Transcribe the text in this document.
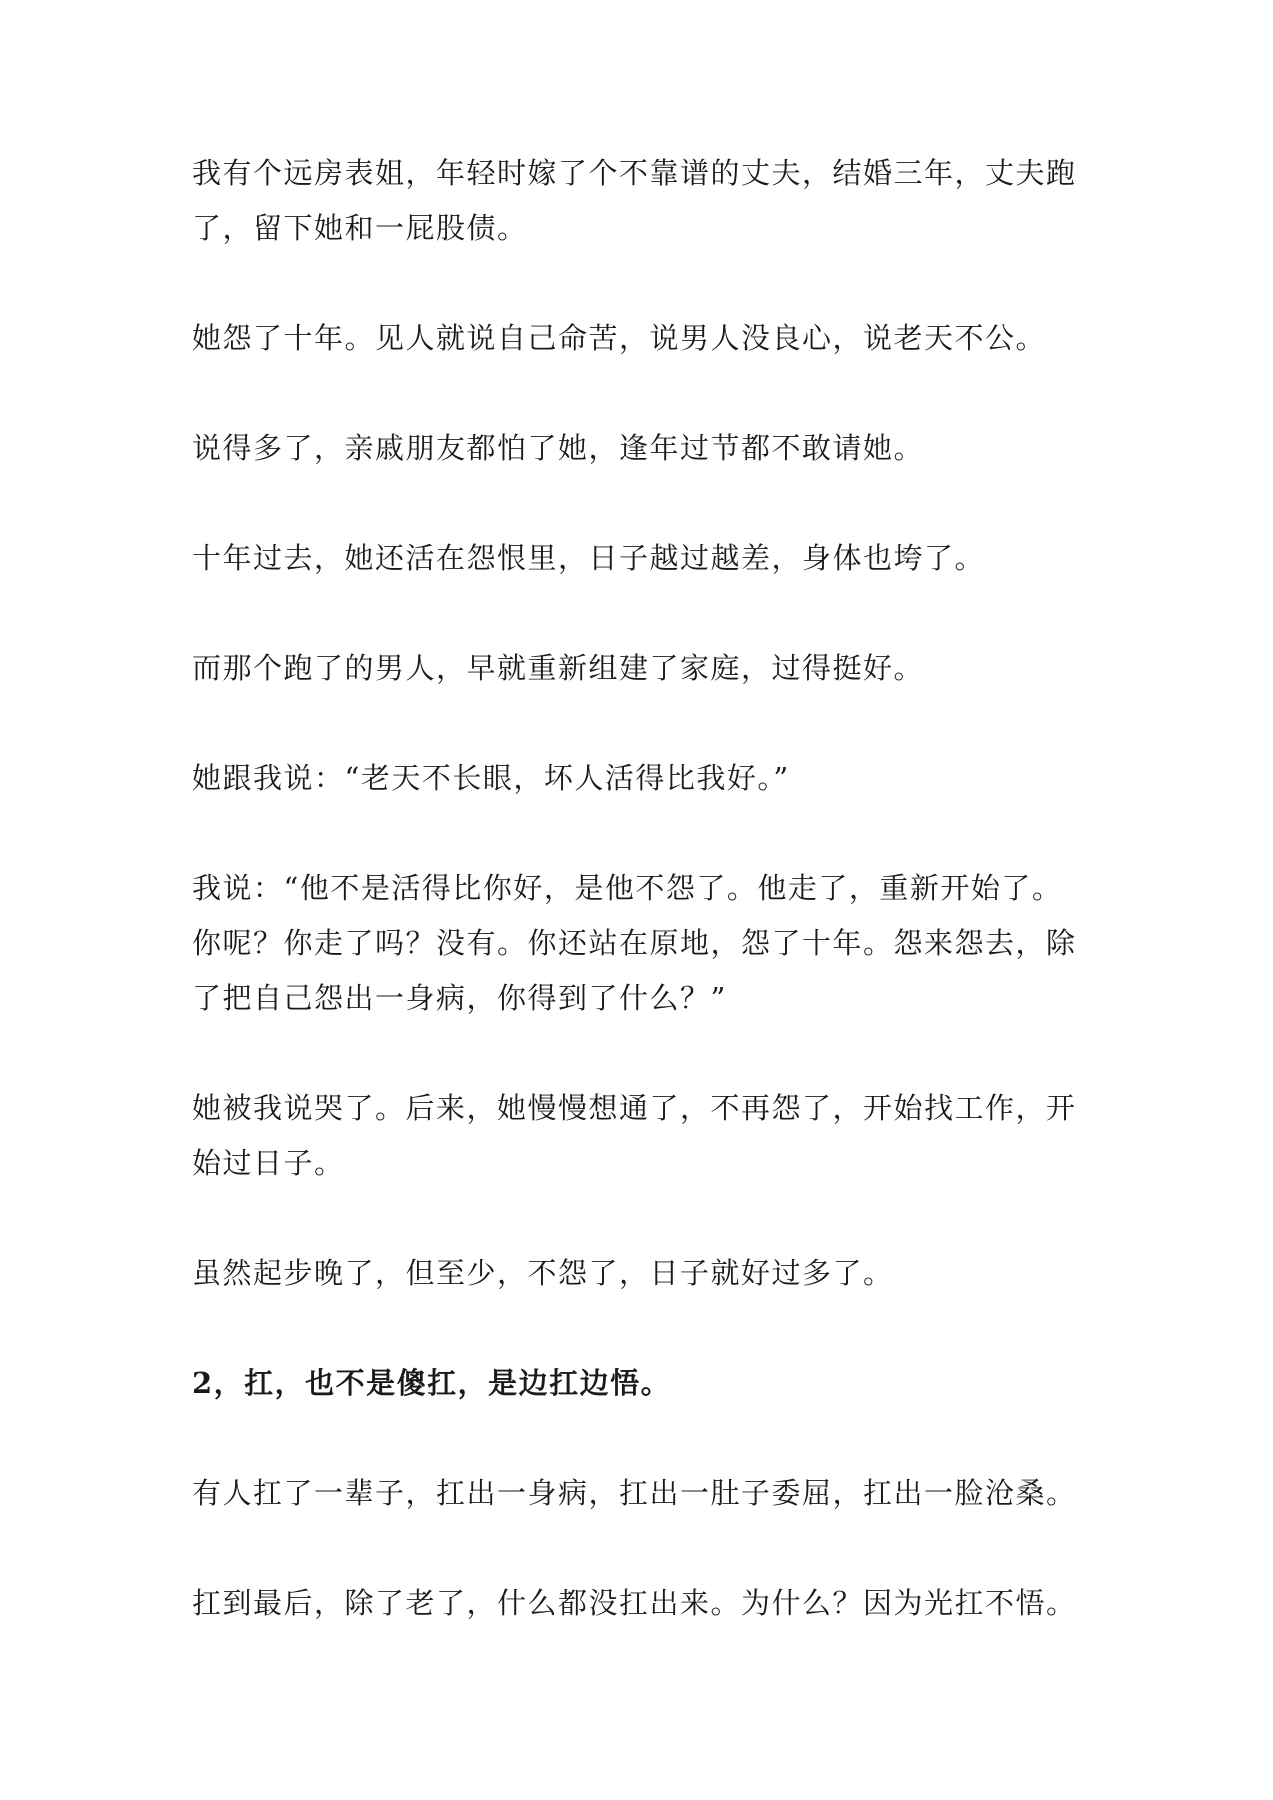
我有个远房表姐，年轻时嫁了个不靠谱的丈夫，结婚三年，丈夫跑了，留下她和一屁股债。

她怨了十年。见人就说自己命苦，说男人没良心，说老天不公。

说得多了，亲戚朋友都怕了她，逢年过节都不敢请她。

十年过去，她还活在怨恨里，日子越过越差，身体也垮了。

而那个跑了的男人，早就重新组建了家庭，过得挺好。

她跟我说：“老天不长眼，坏人活得比我好。”

我说：“他不是活得比你好，是他不怨了。他走了，重新开始了。你呢？你走了吗？没有。你还站在原地，怨了十年。怨来怨去，除了把自己怨出一身病，你得到了什么？”

她被我说哭了。后来，她慢慢想通了，不再怨了，开始找工作，开始过日子。

虽然起步晚了，但至少，不怨了，日子就好过多了。

2，扛，也不是傻扛，是边扛边悟。

有人扛了一辈子，扛出一身病，扛出一肚子委屈，扛出一脸沧桑。

扛到最后，除了老了，什么都没扛出来。为什么？因为光扛不悟。
